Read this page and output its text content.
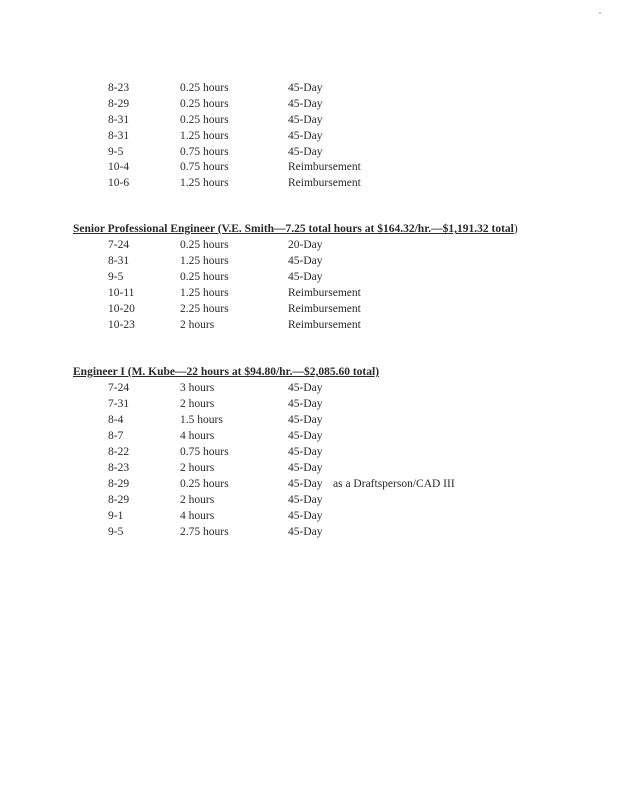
8-23	0.25 hours	45-Day
8-29	0.25 hours	45-Day
8-31	0.25 hours	45-Day
8-31	1.25 hours	45-Day
9-5	0.75 hours	45-Day
10-4	0.75 hours	Reimbursement
10-6	1.25 hours	Reimbursement
Senior Professional Engineer (V.E. Smith—7.25 total hours at $164.32/hr.—$1,191.32 total)
7-24	0.25 hours	20-Day
8-31	1.25 hours	45-Day
9-5	0.25 hours	45-Day
10-11	1.25 hours	Reimbursement
10-20	2.25 hours	Reimbursement
10-23	2 hours	Reimbursement
Engineer I (M. Kube—22 hours at $94.80/hr.—$2,085.60 total)
7-24	3 hours	45-Day
7-31	2 hours	45-Day
8-4	1.5 hours	45-Day
8-7	4 hours	45-Day
8-22	0.75 hours	45-Day
8-23	2 hours	45-Day
8-29	0.25 hours	45-Day as a Draftsperson/CAD III
8-29	2 hours	45-Day
9-1	4 hours	45-Day
9-5	2.75 hours	45-Day
